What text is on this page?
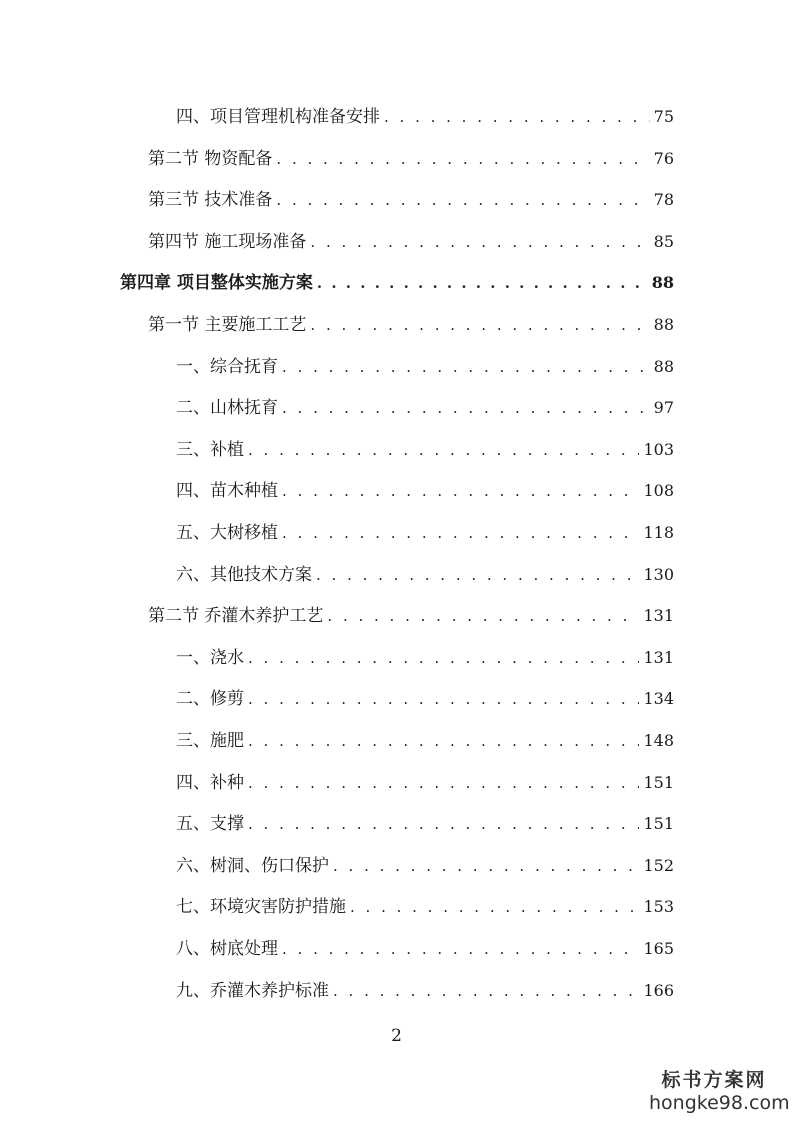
四、项目管理机构准备安排 . . .	75
第二节 物资配备 . . .	76
第三节 技术准备 . . .	78
第四节 施工现场准备 . . .	85
第四章 项目整体实施方案 . . .	88
第一节 主要施工工艺 . . .	88
一、综合抚育 . . .	88
二、山林抚育 . . .	97
三、补植 . . .	103
四、苗木种植 . . .	108
五、大树移植 . . .	118
六、其他技术方案 . . .	130
第二节 乔灌木养护工艺 . . .	131
一、浇水 . . .	131
二、修剪 . . .	134
三、施肥 . . .	148
四、补种 . . .	151
五、支撑 . . .	151
六、树洞、伤口保护 . . .	152
七、环境灾害防护措施 . . .	153
八、树底处理 . . .	165
九、乔灌木养护标准 . . .	166
2
标书方案网
hongke98.com
